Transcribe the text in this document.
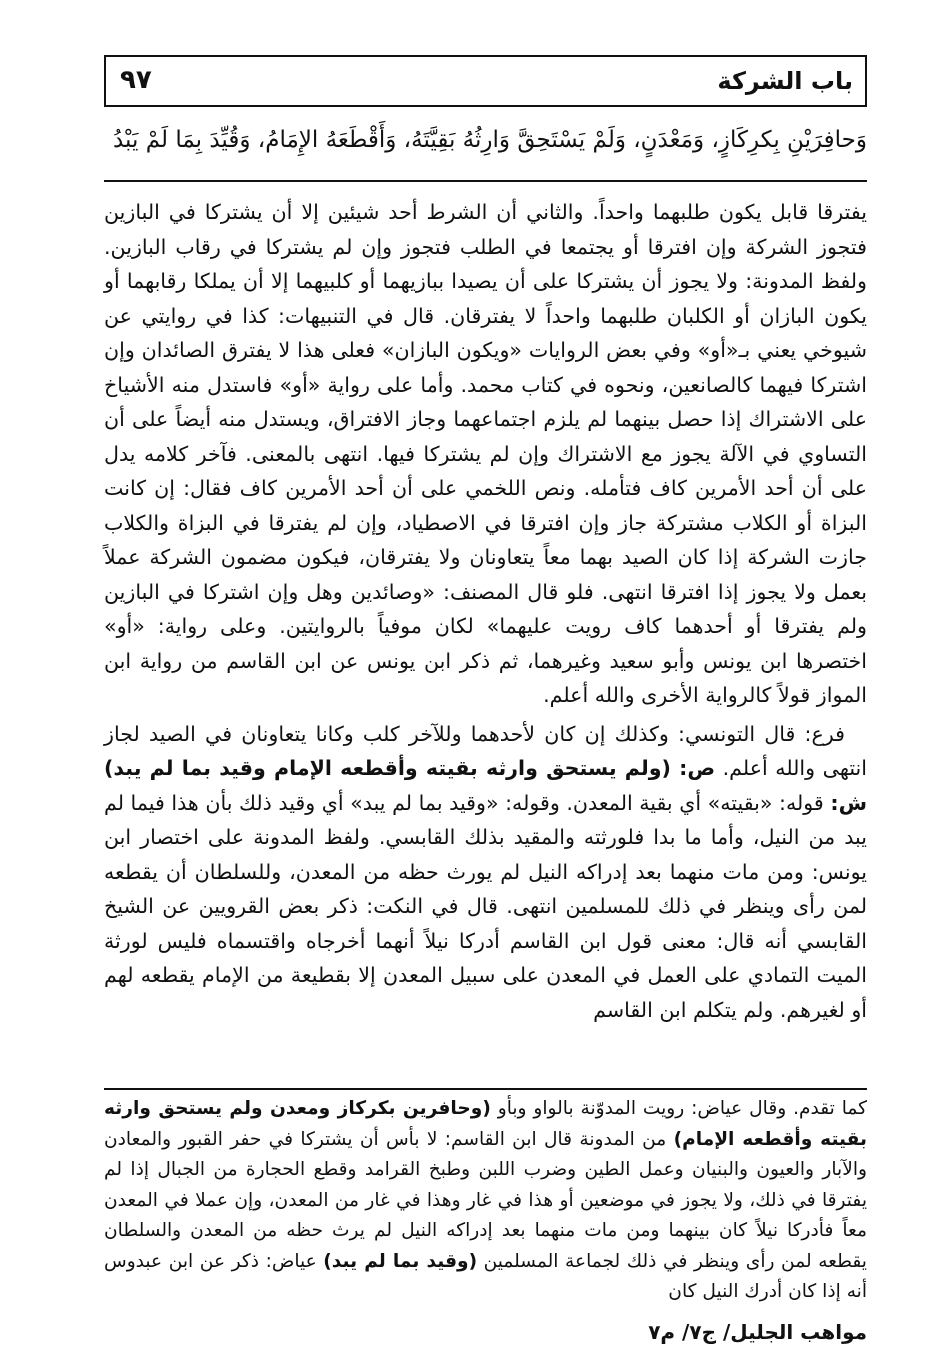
باب الشركة
٩٧
وَحافِرَيْنِ بِكرِكَازٍ، وَمَعْدَنٍ، وَلَمْ يَسْتَحِقَّ وَارِثُهُ بَقِيَّتَهُ، وَأَقْطَعَهُ الإِمَامُ، وَقُيِّدَ بِمَا لَمْ يَبْدُ

يفترقا قابل يكون طلبهما واحداً. والثاني أن الشرط أحد شيئين إلا أن يشتركا في البازين فتجوز الشركة وإن افترقا أو يجتمعا في الطلب فتجوز وإن لم يشتركا في رقاب البازين. ولفظ المدونة: ولا يجوز أن يشتركا على أن يصيدا ببازيهما أو كلبيهما إلا أن يملكا رقابهما أو يكون البازان أو الكلبان طلبهما واحداً لا يفترقان. قال في التنبيهات: كذا في روايتي عن شيوخي يعني بـ«أو» وفي بعض الروايات «ويكون البازان» فعلى هذا لا يفترق الصائدان وإن اشتركا فيهما كالصانعين، ونحوه في كتاب محمد. وأما على رواية «أو» فاستدل منه الأشياخ على الاشتراك إذا حصل بينهما لم يلزم اجتماعهما وجاز الافتراق، ويستدل منه أيضاً على أن التساوي في الآلة يجوز مع الاشتراك وإن لم يشتركا فيها. انتهى بالمعنى. فآخر كلامه يدل على أن أحد الأمرين كاف فتأمله. ونص اللخمي على أن أحد الأمرين كاف فقال: إن كانت البزاة أو الكلاب مشتركة جاز وإن افترقا في الاصطياد، وإن لم يفترقا في البزاة والكلاب جازت الشركة إذا كان الصيد بهما معاً يتعاونان ولا يفترقان، فيكون مضمون الشركة عملاً بعمل ولا يجوز إذا افترقا انتهى. فلو قال المصنف: «وصائدين وهل وإن اشتركا في البازين ولم يفترقا أو أحدهما كاف رويت عليهما» لكان موفياً بالروايتين. وعلى رواية: «أو» اختصرها ابن يونس وأبو سعيد وغيرهما، ثم ذكر ابن يونس عن ابن القاسم من رواية ابن المواز قولاً كالرواية الأخرى والله أعلم.

فرع: قال التونسي: وكذلك إن كان لأحدهما وللآخر كلب وكانا يتعاونان في الصيد لجاز انتهى والله أعلم. ص: (ولم يستحق وارثه بقيته وأقطعه الإمام وقيد بما لم يبد) ش: قوله: «بقيته» أي بقية المعدن. وقوله: «وقيد بما لم يبد» أي وقيد ذلك بأن هذا فيما لم يبد من النيل، وأما ما بدا فلورثته والمقيد بذلك القابسي. ولفظ المدونة على اختصار ابن يونس: ومن مات منهما بعد إدراكه النيل لم يورث حظه من المعدن، وللسلطان أن يقطعه لمن رأى وينظر في ذلك للمسلمين انتهى. قال في النكت: ذكر بعض القرويين عن الشيخ القابسي أنه قال: معنى قول ابن القاسم أدركا نيلاً أنهما أخرجاه واقتسماه فليس لورثة الميت التمادي على العمل في المعدن على سبيل المعدن إلا بقطيعة من الإمام يقطعه لهم أو لغيرهم. ولم يتكلم ابن القاسم

كما تقدم. وقال عياض: رويت المدوّنة بالواو وبأو (وحافرين بكركاز ومعدن ولم يستحق وارثه بقيته وأقطعه الإمام) من المدونة قال ابن القاسم: لا بأس أن يشتركا في حفر القبور والمعادن والآبار والعيون والبنيان وعمل الطين وضرب اللبن وطبخ القرامد وقطع الحجارة من الجبال إذا لم يفترقا في ذلك، ولا يجوز في موضعين أو هذا في غار وهذا في غار من المعدن، وإن عملا في المعدن معاً فأدركا نيلاً كان بينهما ومن مات منهما بعد إدراكه النيل لم يرث حظه من المعدن والسلطان يقطعه لمن رأى وينظر في ذلك لجماعة المسلمين (وقيد بما لم يبد) عياض: ذكر عن ابن عبدوس أنه إذا كان أدرك النيل كان

مواهب الجليل/ ج٧/ م٧
